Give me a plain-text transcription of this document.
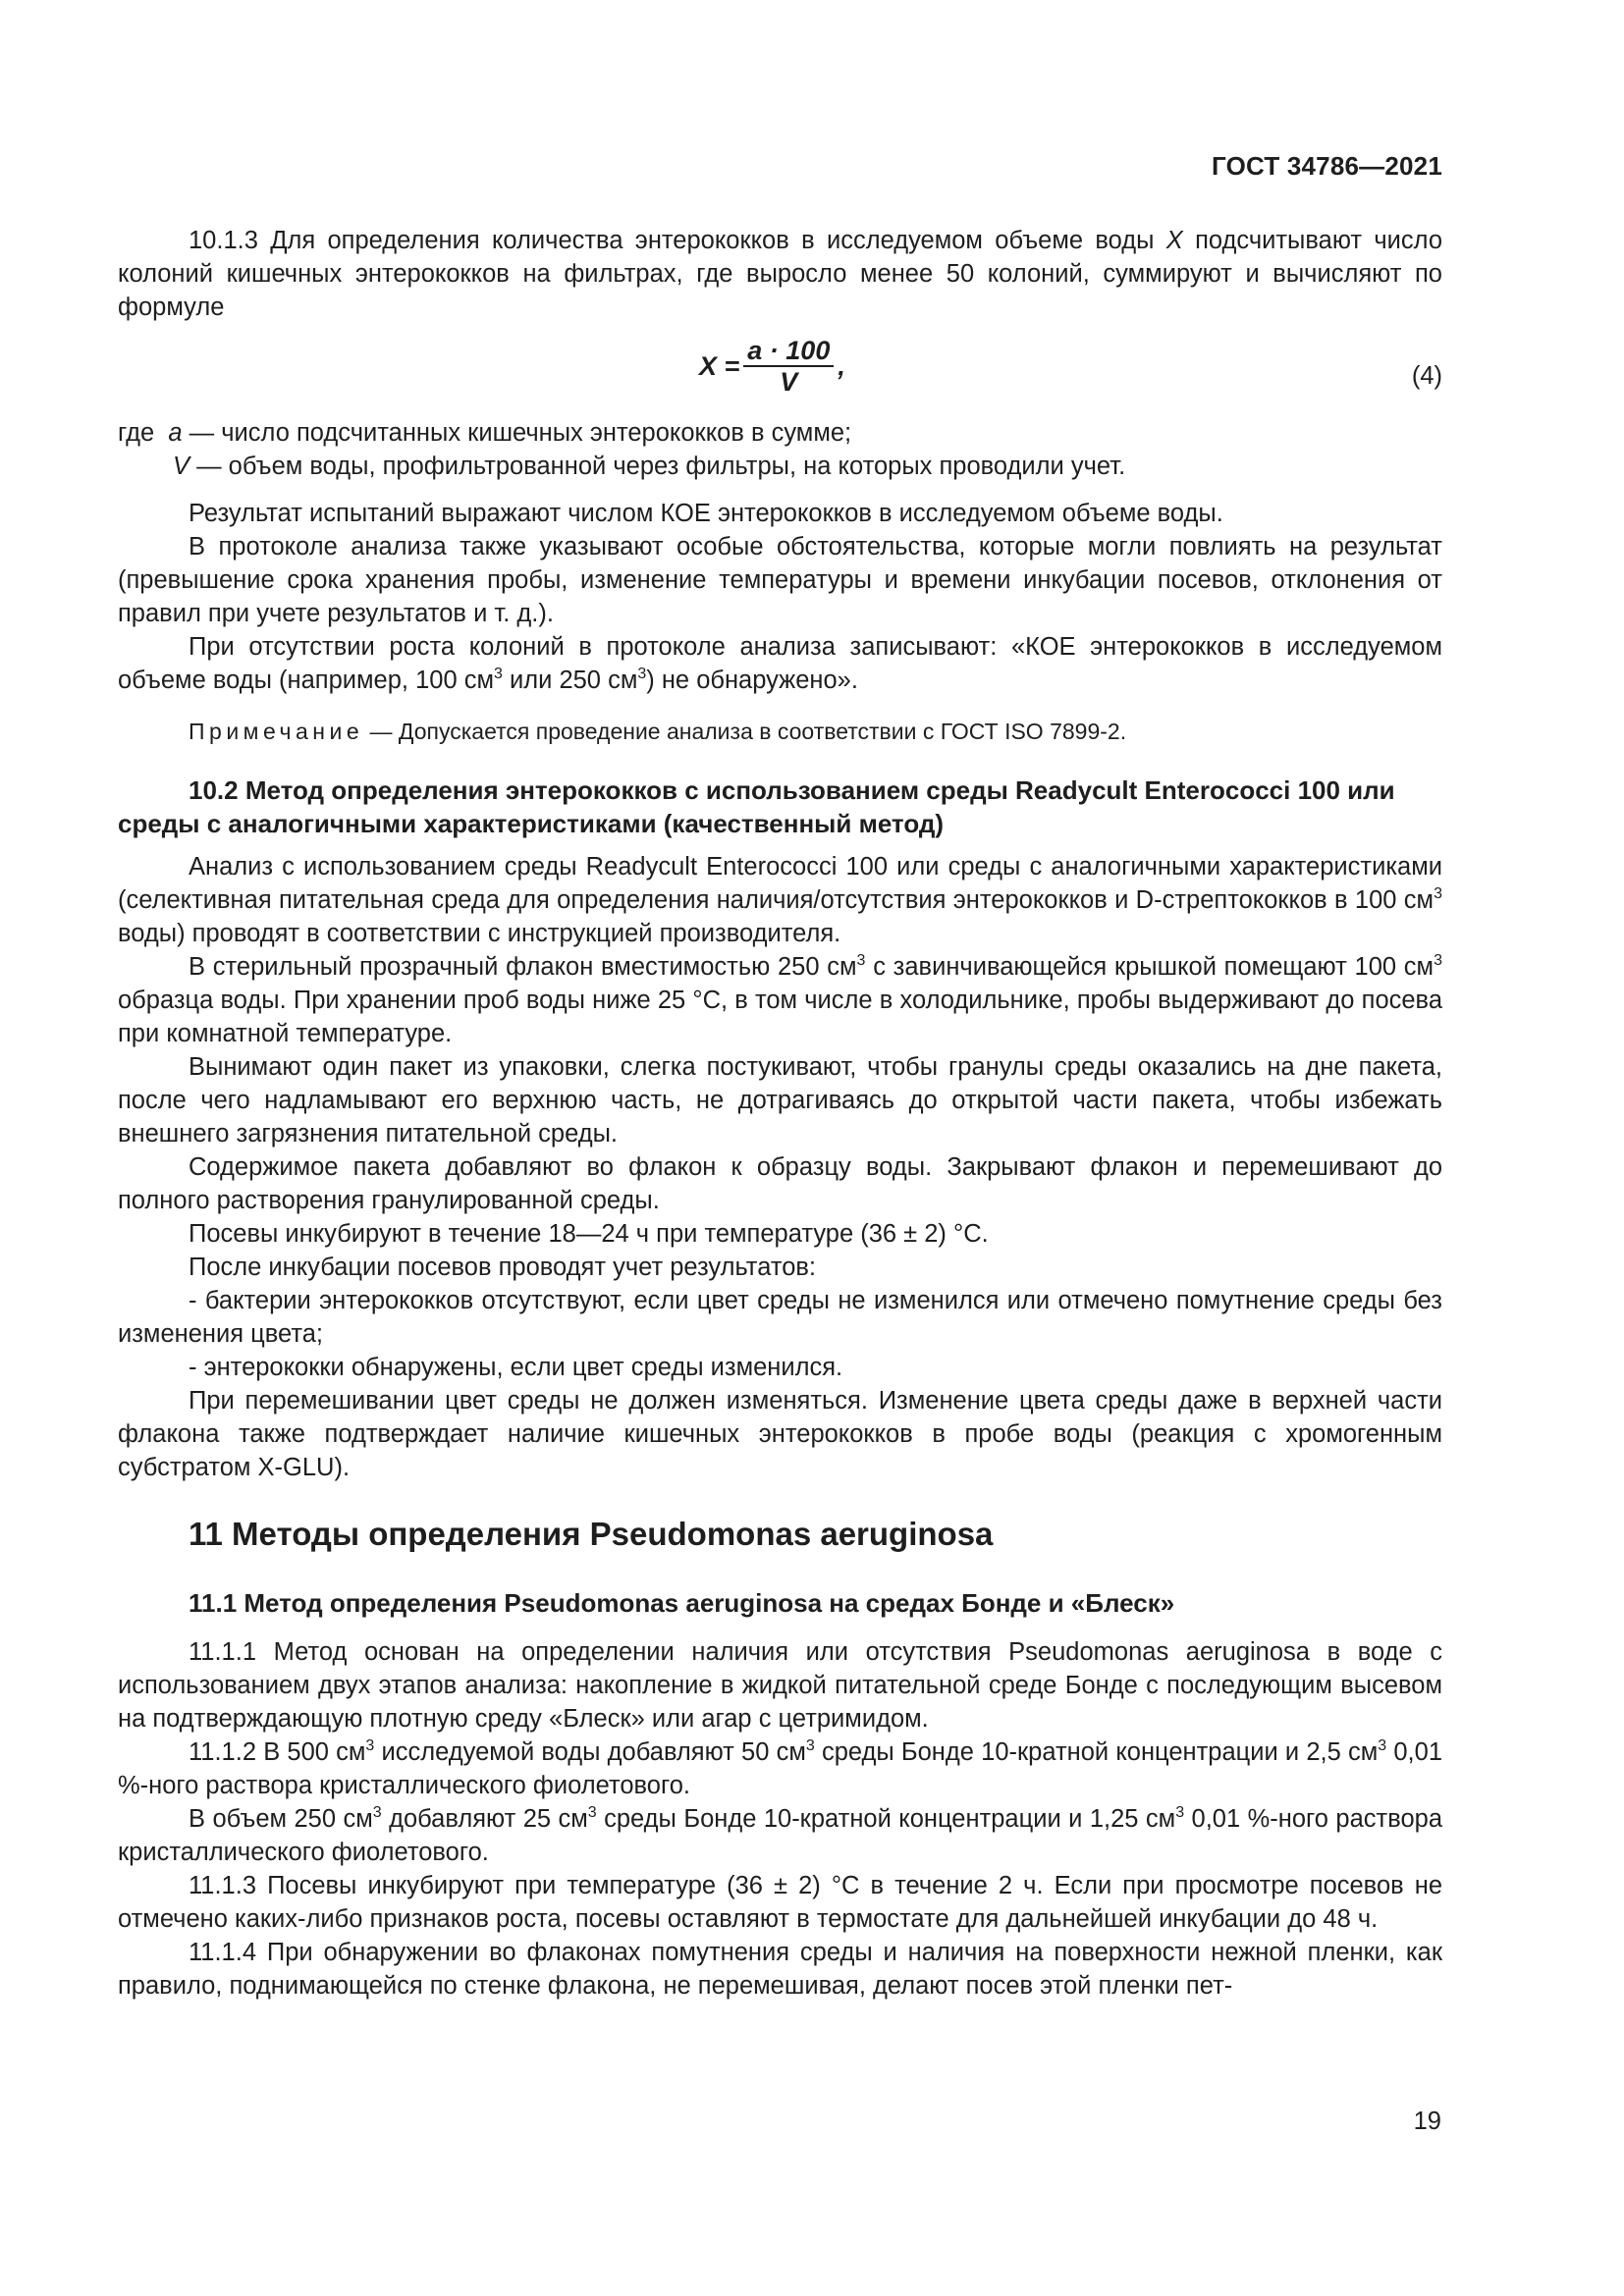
ГОСТ 34786—2021

10.1.3 Для определения количества энтерококков в исследуемом объеме воды X подсчитывают число колоний кишечных энтерококков на фильтрах, где выросло менее 50 колоний, суммируют и вычисляют по формуле

$X = \frac{a \cdot 100}{V}$ ,	(4)

где a — число подсчитанных кишечных энтерококков в сумме;

V — объем воды, профильтрованной через фильтры, на которых проводили учет.

Результат испытаний выражают числом КОЕ энтерококков в исследуемом объеме воды.

В протоколе анализа также указывают особые обстоятельства, которые могли повлиять на результат (превышение срока хранения пробы, изменение температуры и времени инкубации посевов, отклонения от правил при учете результатов и т. д.).

При отсутствии роста колоний в протоколе анализа записывают: «КОЕ энтерококков в исследуемом объеме воды (например, 100 $см^3$ или 250 $см^3$) не обнаружено».

Примечание — Допускается проведение анализа в соответствии с ГОСТ ISO 7899-2.

10.2 Метод определения энтерококков с использованием среды Readycult Enterococci 100 или среды с аналогичными характеристиками (качественный метод)

Анализ с использованием среды Readycult Enterococci 100 или среды с аналогичными характеристиками (селективная питательная среда для определения наличия/отсутствия энтерококков и D-стрептококков в 100 $см^3$ воды) проводят в соответствии с инструкцией производителя.

В стерильный прозрачный флакон вместимостью 250 $см^3$ с завинчивающейся крышкой помещают 100 $см^3$ образца воды. При хранении проб воды ниже 25 °С, в том числе в холодильнике, пробы выдерживают до посева при комнатной температуре.

Вынимают один пакет из упаковки, слегка постукивают, чтобы гранулы среды оказались на дне пакета, после чего надламывают его верхнюю часть, не дотрагиваясь до открытой части пакета, чтобы избежать внешнего загрязнения питательной среды.

Содержимое пакета добавляют во флакон к образцу воды. Закрывают флакон и перемешивают до полного растворения гранулированной среды.

Посевы инкубируют в течение 18—24 ч при температуре (36 ± 2) °С.

После инкубации посевов проводят учет результатов:

- бактерии энтерококков отсутствуют, если цвет среды не изменился или отмечено помутнение среды без изменения цвета;

- энтерококки обнаружены, если цвет среды изменился.

При перемешивании цвет среды не должен изменяться. Изменение цвета среды даже в верхней части флакона также подтверждает наличие кишечных энтерококков в пробе воды (реакция с хромогенным субстратом X-GLU).

11 Методы определения Pseudomonas aeruginosa

11.1 Метод определения Pseudomonas aeruginosa на средах Бонде и «Блеск»

11.1.1 Метод основан на определении наличия или отсутствия Pseudomonas aeruginosa в воде с использованием двух этапов анализа: накопление в жидкой питательной среде Бонде с последующим высевом на подтверждающую плотную среду «Блеск» или агар с цетримидом.

11.1.2 В 500 $см^3$ исследуемой воды добавляют 50 $см^3$ среды Бонде 10-кратной концентрации и 2,5 $см^3$ 0,01 %-ного раствора кристаллического фиолетового.

В объем 250 $см^3$ добавляют 25 $см^3$ среды Бонде 10-кратной концентрации и 1,25 $см^3$ 0,01 %-ного раствора кристаллического фиолетового.

11.1.3 Посевы инкубируют при температуре (36 ± 2) °С в течение 2 ч. Если при просмотре посевов не отмечено каких-либо признаков роста, посевы оставляют в термостате для дальнейшей инкубации до 48 ч.

11.1.4 При обнаружении во флаконах помутнения среды и наличия на поверхности нежной пленки, как правило, поднимающейся по стенке флакона, не перемешивая, делают посев этой пленки пет-

19
